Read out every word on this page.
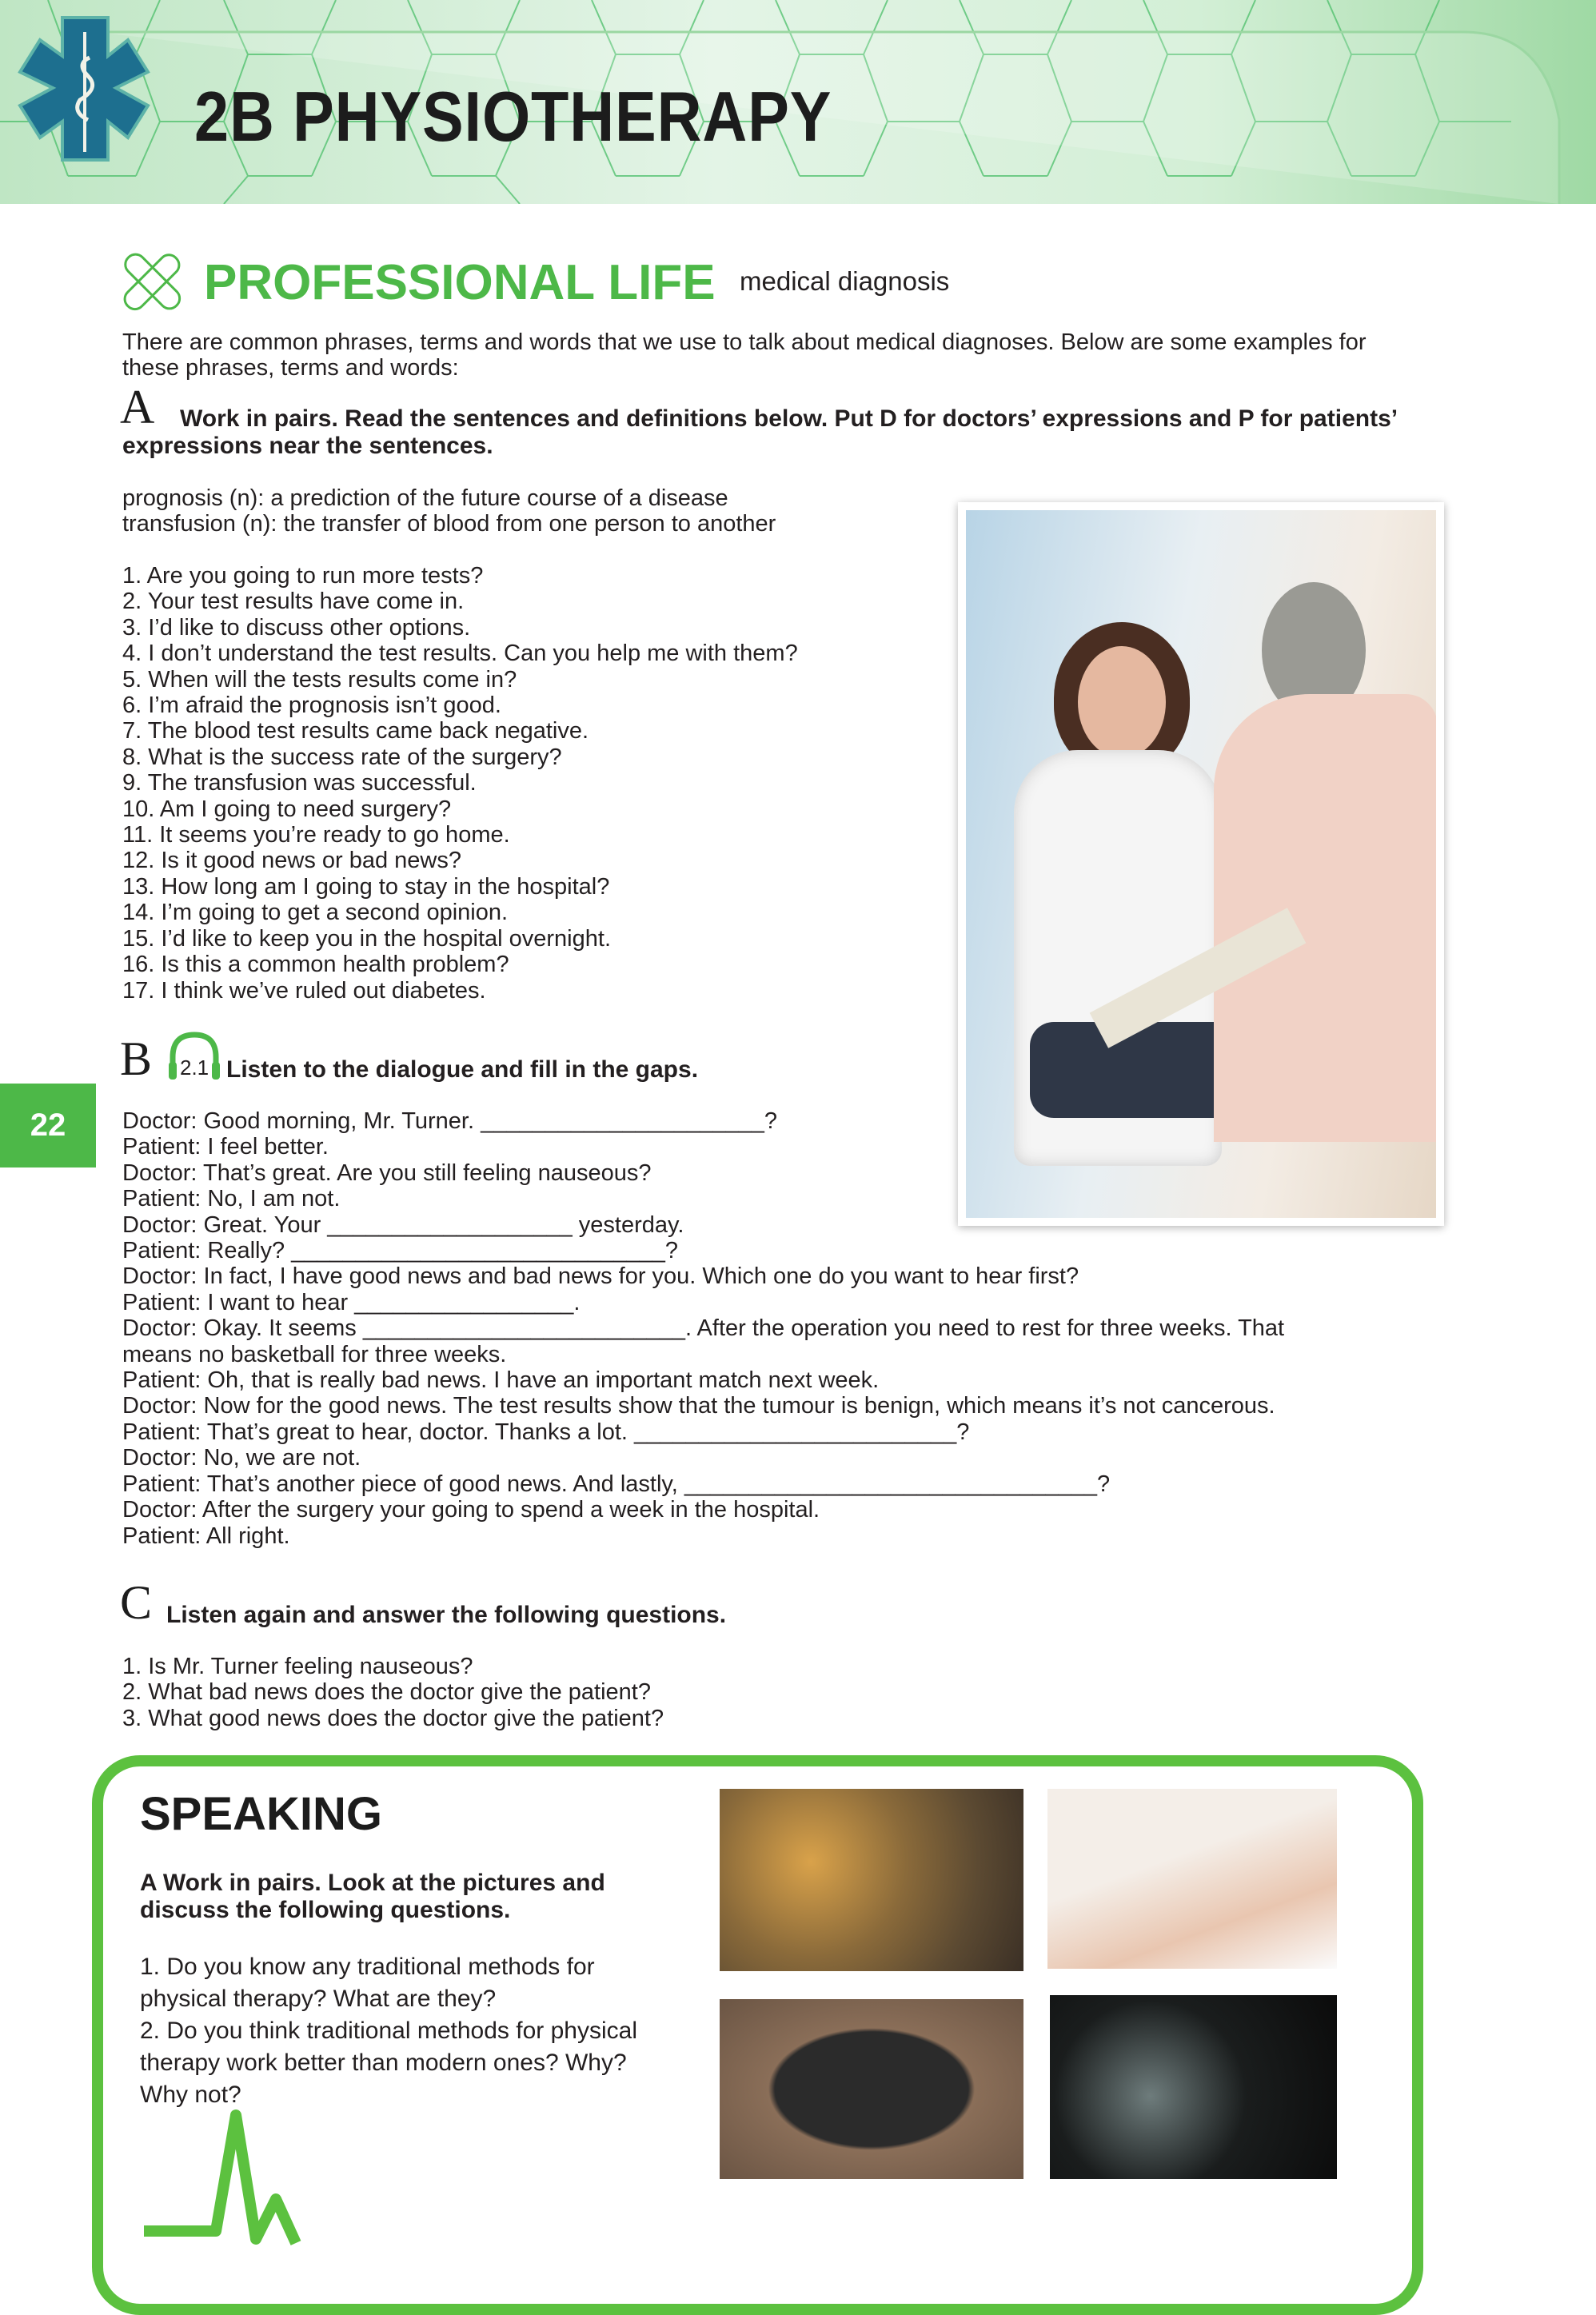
2B PHYSIOTHERAPY
PROFESSIONAL LIFE medical diagnosis
There are common phrases, terms and words that we use to talk about medical diagnoses. Below are some examples for these phrases, terms and words:
A	Work in pairs. Read the sentences and definitions below. Put D for doctors’ expressions and P for patients’ expressions near the sentences.
prognosis (n): a prediction of the future course of a disease
transfusion (n): the transfer of blood from one person to another
1. Are you going to run more tests?
2. Your test results have come in.
3. I’d like to discuss other options.
4. I don’t understand the test results. Can you help me with them?
5. When will the tests results come in?
6. I’m afraid the prognosis isn’t good.
7. The blood test results came back negative.
8. What is the success rate of the surgery?
9. The transfusion was successful.
10. Am I going to need surgery?
11. It seems you’re ready to go home.
12. Is it good news or bad news?
13. How long am I going to stay in the hospital?
14. I’m going to get a second opinion.
15. I’d like to keep you in the hospital overnight.
16. Is this a common health problem?
17. I think we’ve ruled out diabetes.
B 2.1 Listen to the dialogue and fill in the gaps.
22	Doctor: Good morning, Mr. Turner. ______________________?
Patient: I feel better.
Doctor: That’s great. Are you still feeling nauseous?
Patient: No, I am not.
Doctor: Great. Your ___________________ yesterday.
Patient: Really? _____________________________?
Doctor: In fact, I have good news and bad news for you. Which one do you want to hear first?
Patient: I want to hear _________________.
Doctor: Okay. It seems _________________________. After the operation you need to rest for three weeks. That
means no basketball for three weeks.
Patient: Oh, that is really bad news. I have an important match next week.
Doctor: Now for the good news. The test results show that the tumour is benign, which means it’s not cancerous.
Patient: That’s great to hear, doctor. Thanks a lot. _________________________?
Doctor: No, we are not.
Patient: That’s another piece of good news. And lastly, ________________________________?
Doctor: After the surgery your going to spend a week in the hospital.
Patient: All right.
C Listen again and answer the following questions.
1. Is Mr. Turner feeling nauseous?
2. What bad news does the doctor give the patient?
3. What good news does the doctor give the patient?
SPEAKING
A Work in pairs. Look at the pictures and discuss the following questions.
1. Do you know any traditional methods for physical therapy? What are they?
2. Do you think traditional methods for physical therapy work better than modern ones? Why? Why not?
